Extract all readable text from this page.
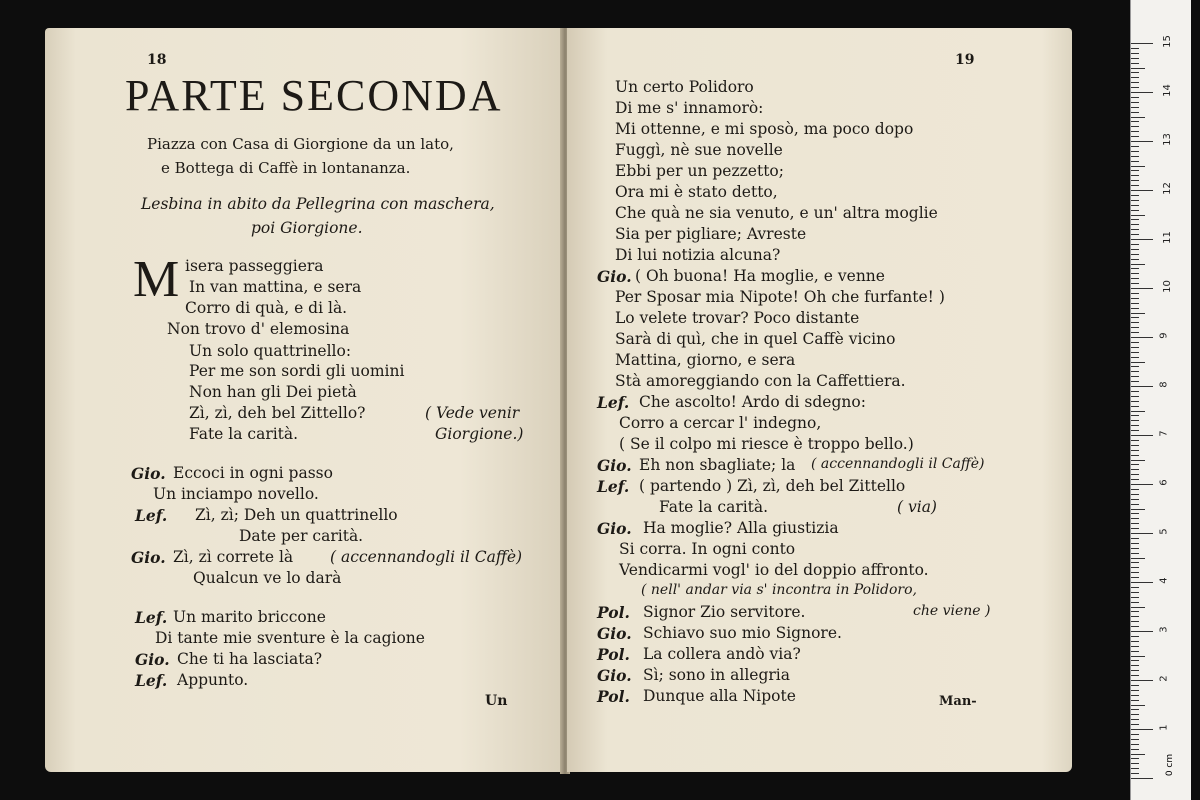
18
PARTE SECONDA
Piazza con Casa di Giorgione da un lato,
e Bottega di Caffè in lontananza.
Lesbina in abito da Pellegrina con maschera,
poi Giorgione.
M isera passeggiera
In van mattina, e sera
Corro di quà, e di là.
Non trovo d' elemosina
Un solo quattrinello:
Per me son sordi gli uomini
Non han gli Dei pietà
Zì, zì, deh bel Zittello?
Fate la carità.
( Vede venir
Giorgione.)
Gio. Eccoci in ogni passo
Un inciampo novello.
Lef. Zì, zì; Deh un quattrinello
Date per carità.
Gio. Zì, zì correte là ( accennandogli il Caffè)
Qualcun ve lo darà
Lef. Un marito briccone
Di tante mie sventure è la cagione
Gio. Che ti ha lasciata?
Lef. Appunto.
Un
19
Un certo Polidoro
Di me s' innamorò:
Mi ottenne, e mi sposò, ma poco dopo
Fuggì, nè sue novelle
Ebbi per un pezzetto;
Ora mi è stato detto,
Che quà ne sia venuto, e un' altra moglie
Sia per pigliare; Avreste
Di lui notizia alcuna?
Gio. ( Oh buona! Ha moglie, e venne
Per Sposar mia Nipote! Oh che furfante! )
Lo velete trovar? Poco distante
Sarà di quì, che in quel Caffè vicino
Mattina, giorno, e sera
Stà amoreggiando con la Caffettiera.
Lef. Che ascolto! Ardo di sdegno:
Corro a cercar l' indegno,
( Se il colpo mi riesce è troppo bello.)
Gio. Eh non sbagliate; la ( accennandogli il Caffè)
Lef. ( partendo ) Zì, zì, deh bel Zittello
Fate la carità.	( via)
Gio. Ha moglie? Alla giustizia
Si corra. In ogni conto
Vendicarmi vogl' io del doppio affronto.
( nell' andar via s' incontra in Polidoro,
Pol. Signor Zio servitore.	che viene )
Gio. Schiavo suo mio Signore.
Pol. La collera andò via?
Gio. Sì; sono in allegria
Pol. Dunque alla Nipote	Man-
15
14
13
12
11
10
9
8
7
6
5
4
3
2
1
0 cm
